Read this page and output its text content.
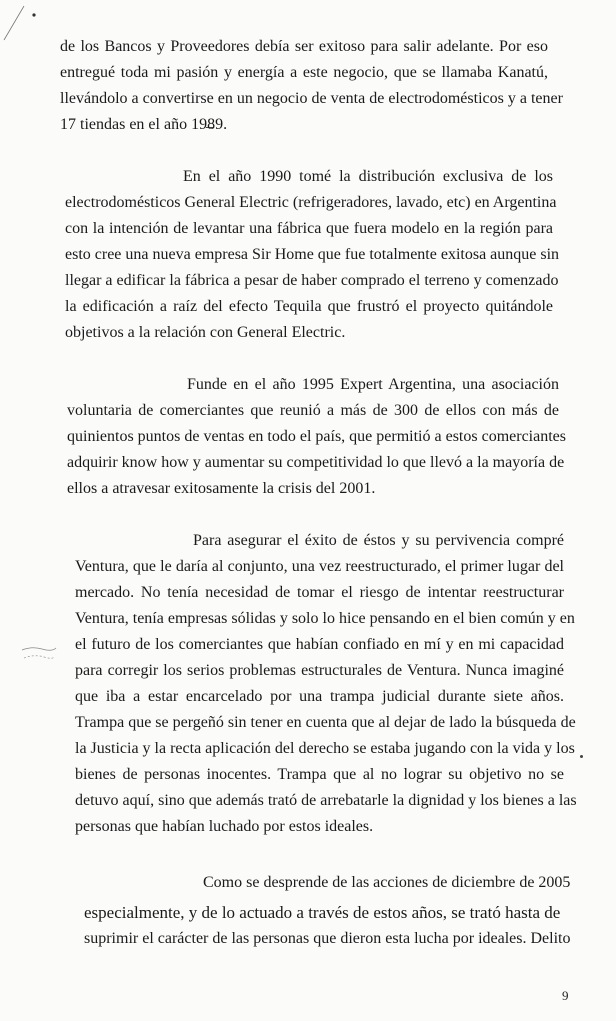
de los Bancos y Proveedores debía ser exitoso para salir adelante. Por eso
entregué toda mi pasión y energía a este negocio, que se llamaba Kanatú,
llevándolo a convertirse en un negocio de venta de electrodomésticos y a tener
17 tiendas en el año 1989.
En el año 1990 tomé la distribución exclusiva de los
electrodomésticos General Electric (refrigeradores, lavado, etc) en Argentina
con la intención de levantar una fábrica que fuera modelo en la región para
esto cree una nueva empresa Sir Home que fue totalmente exitosa aunque sin
llegar a edificar la fábrica a pesar de haber comprado el terreno y comenzado
la edificación a raíz del efecto Tequila que frustró el proyecto quitándole
objetivos a la relación con General Electric.
Funde en el año 1995 Expert Argentina, una asociación
voluntaria de comerciantes que reunió a más de 300 de ellos con más de
quinientos puntos de ventas en todo el país, que permitió a estos comerciantes
adquirir know how y aumentar su competitividad lo que llevó a la mayoría de
ellos a atravesar exitosamente la crisis del 2001.
Para asegurar el éxito de éstos y su pervivencia compré
Ventura, que le daría al conjunto, una vez reestructurado, el primer lugar del
mercado. No tenía necesidad de tomar el riesgo de intentar reestructurar
Ventura, tenía empresas sólidas y solo lo hice pensando en el bien común y en
el futuro de los comerciantes que habían confiado en mí y en mi capacidad
para corregir los serios problemas estructurales de Ventura. Nunca imaginé
que iba a estar encarcelado por una trampa judicial durante siete años.
Trampa que se pergeñó sin tener en cuenta que al dejar de lado la búsqueda de
la Justicia y la recta aplicación del derecho se estaba jugando con la vida y los
bienes de personas inocentes. Trampa que al no lograr su objetivo no se
detuvo aquí, sino que además trató de arrebatarle la dignidad y los bienes a las
personas que habían luchado por estos ideales.
Como se desprende de las acciones de diciembre de 2005
especialmente, y de lo actuado a través de estos años, se trató hasta de
suprimir el carácter de las personas que dieron esta lucha por ideales. Delito
9
